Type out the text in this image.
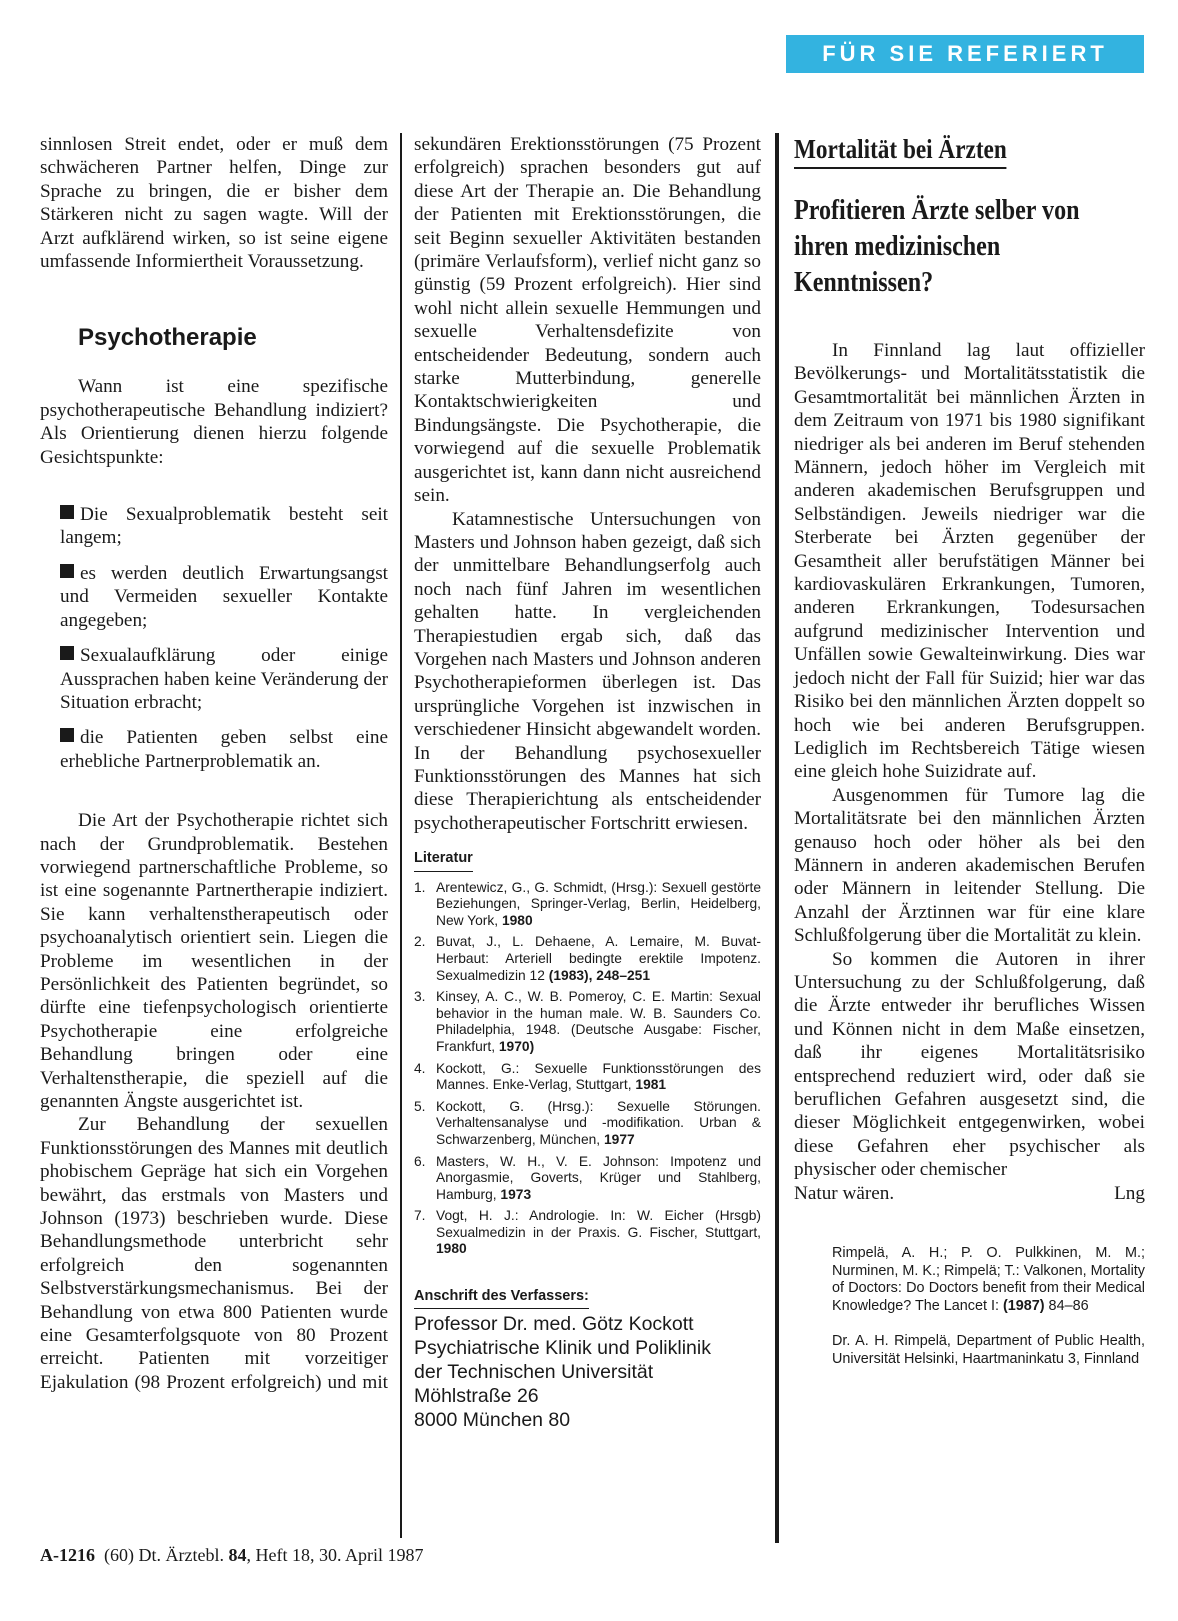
FÜR SIE REFERIERT

sinnlosen Streit endet, oder er muß dem schwächeren Partner helfen, Dinge zur Sprache zu bringen, die er bisher dem Stärkeren nicht zu sagen wagte. Will der Arzt aufklärend wirken, so ist seine eigene umfassende Informiertheit Voraussetzung.

Psychotherapie

Wann ist eine spezifische psychotherapeutische Behandlung indiziert? Als Orientierung dienen hierzu folgende Gesichtspunkte:

Die Sexualproblematik besteht seit langem;
es werden deutlich Erwartungsangst und Vermeiden sexueller Kontakte angegeben;
Sexualaufklärung oder einige Aussprachen haben keine Veränderung der Situation erbracht;
die Patienten geben selbst eine erhebliche Partnerproblematik an.

Die Art der Psychotherapie richtet sich nach der Grundproblematik. Bestehen vorwiegend partnerschaftliche Probleme, so ist eine sogenannte Partnertherapie indiziert. Sie kann verhaltenstherapeutisch oder psychoanalytisch orientiert sein. Liegen die Probleme im wesentlichen in der Persönlichkeit des Patienten begründet, so dürfte eine tiefenpsychologisch orientierte Psychotherapie eine erfolgreiche Behandlung bringen oder eine Verhaltenstherapie, die speziell auf die genannten Ängste ausgerichtet ist.

Zur Behandlung der sexuellen Funktionsstörungen des Mannes mit deutlich phobischem Gepräge hat sich ein Vorgehen bewährt, das erstmals von Masters und Johnson (1973) beschrieben wurde. Diese Behandlungsmethode unterbricht sehr erfolgreich den sogenannten Selbstverstärkungsmechanismus. Bei der Behandlung von etwa 800 Patienten wurde eine Gesamterfolgsquote von 80 Prozent erreicht. Patienten mit vorzeitiger Ejakulation (98 Prozent erfolgreich) und mit

sekundären Erektionsstörungen (75 Prozent erfolgreich) sprachen besonders gut auf diese Art der Therapie an. Die Behandlung der Patienten mit Erektionsstörungen, die seit Beginn sexueller Aktivitäten bestanden (primäre Verlaufsform), verlief nicht ganz so günstig (59 Prozent erfolgreich). Hier sind wohl nicht allein sexuelle Hemmungen und sexuelle Verhaltensdefizite von entscheidender Bedeutung, sondern auch starke Mutterbindung, generelle Kontaktschwierigkeiten und Bindungsängste. Die Psychotherapie, die vorwiegend auf die sexuelle Problematik ausgerichtet ist, kann dann nicht ausreichend sein.

Katamnestische Untersuchungen von Masters und Johnson haben gezeigt, daß sich der unmittelbare Behandlungserfolg auch noch nach fünf Jahren im wesentlichen gehalten hatte. In vergleichenden Therapiestudien ergab sich, daß das Vorgehen nach Masters und Johnson anderen Psychotherapieformen überlegen ist. Das ursprüngliche Vorgehen ist inzwischen in verschiedener Hinsicht abgewandelt worden. In der Behandlung psychosexueller Funktionsstörungen des Mannes hat sich diese Therapierichtung als entscheidender psychotherapeutischer Fortschritt erwiesen.

Literatur
1. Arentewicz, G., G. Schmidt, (Hrsg.): Sexuell gestörte Beziehungen, Springer-Verlag, Berlin, Heidelberg, New York, 1980
2. Buvat, J., L. Dehaene, A. Lemaire, M. Buvat-Herbaut: Arteriell bedingte erektile Impotenz. Sexualmedizin 12 (1983), 248–251
3. Kinsey, A. C., W. B. Pomeroy, C. E. Martin: Sexual behavior in the human male. W. B. Saunders Co. Philadelphia, 1948. (Deutsche Ausgabe: Fischer, Frankfurt, 1970)
4. Kockott, G.: Sexuelle Funktionsstörungen des Mannes. Enke-Verlag, Stuttgart, 1981
5. Kockott, G. (Hrsg.): Sexuelle Störungen. Verhaltensanalyse und -modifikation. Urban & Schwarzenberg, München, 1977
6. Masters, W. H., V. E. Johnson: Impotenz und Anorgasmie, Goverts, Krüger und Stahlberg, Hamburg, 1973
7. Vogt, H. J.: Andrologie. In: W. Eicher (Hrsgb) Sexualmedizin in der Praxis. G. Fischer, Stuttgart, 1980
Anschrift des Verfassers:
Professor Dr. med. Götz Kockott
Psychiatrische Klinik und Poliklinik
der Technischen Universität
Möhlstraße 26
8000 München 80
Mortalität bei Ärzten
Profitieren Ärzte selber von ihren medizinischen Kenntnissen?

In Finnland lag laut offizieller Bevölkerungs- und Mortalitätsstatistik die Gesamtmortalität bei männlichen Ärzten in dem Zeitraum von 1971 bis 1980 signifikant niedriger als bei anderen im Beruf stehenden Männern, jedoch höher im Vergleich mit anderen akademischen Berufsgruppen und Selbständigen. Jeweils niedriger war die Sterberate bei Ärzten gegenüber der Gesamtheit aller berufstätigen Männer bei kardiovaskulären Erkrankungen, Tumoren, anderen Erkrankungen, Todesursachen aufgrund medizinischer Intervention und Unfällen sowie Gewalteinwirkung. Dies war jedoch nicht der Fall für Suizid; hier war das Risiko bei den männlichen Ärzten doppelt so hoch wie bei anderen Berufsgruppen. Lediglich im Rechtsbereich Tätige wiesen eine gleich hohe Suizidrate auf.

Ausgenommen für Tumore lag die Mortalitätsrate bei den männlichen Ärzten genauso hoch oder höher als bei den Männern in anderen akademischen Berufen oder Männern in leitender Stellung. Die Anzahl der Ärztinnen war für eine klare Schlußfolgerung über die Mortalität zu klein.

So kommen die Autoren in ihrer Untersuchung zu der Schlußfolgerung, daß die Ärzte entweder ihr berufliches Wissen und Können nicht in dem Maße einsetzen, daß ihr eigenes Mortalitätsrisiko entsprechend reduziert wird, oder daß sie beruflichen Gefahren ausgesetzt sind, die dieser Möglichkeit entgegenwirken, wobei diese Gefahren eher psychischer als physischer oder chemischer

Natur wären.	Lng
Rimpelä, A. H.; P. O. Pulkkinen, M. M.; Nurminen, M. K.; Rimpelä; T.: Valkonen, Mortality of Doctors: Do Doctors benefit from their Medical Knowledge? The Lancet I: (1987) 84–86
Dr. A. H. Rimpelä, Department of Public Health, Universität Helsinki, Haartmaninkatu 3, Finnland
A-1216 (60) Dt. Ärztebl. 84, Heft 18, 30. April 1987
